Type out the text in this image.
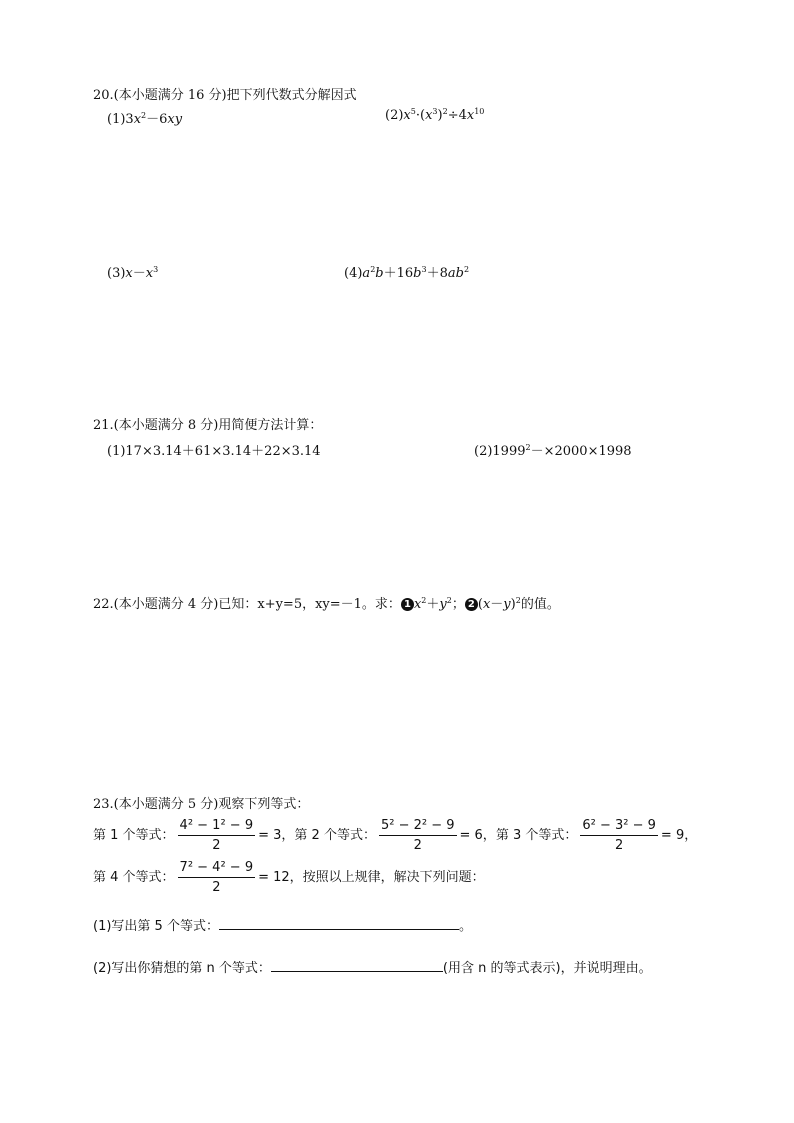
20.(本小题满分 16 分)把下列代数式分解因式
$(1)3x^2-6xy$	$(2)x^5\cdot(x^3)^2\div 4x^{10}$
$(3)x-x^3$	$(4)a^2b+16b^3+8ab^2$
21.(本小题满分 8 分)用简便方法计算：
(1)17×3.14＋61×3.14＋22×3.14	$(2)1999^2-\times 2000\times 1998$
22.(本小题满分 4 分)已知：x+y=5，xy=－1。求： 1 $x^2+y^2$； 2 $(x-y)^2$的值。
23.(本小题满分 5 分)观察下列等式：
第 1 个等式： $\frac{\text{4² − 1² − 9}}{2} = 3$，第 2 个等式： $\frac{\text{5² − 2² − 9}}{2} = 6$，第 3 个等式： $\frac{\text{6² − 3² − 9}}{2} = 9$，
第 4 个等式： $\frac{\text{7² − 4² − 9}}{2} = 12$，按照以上规律，解决下列问题：
(1)写出第 5 个等式：	。
(2)写出你猜想的第 n 个等式：	(用含 n 的等式表示)，并说明理由。
